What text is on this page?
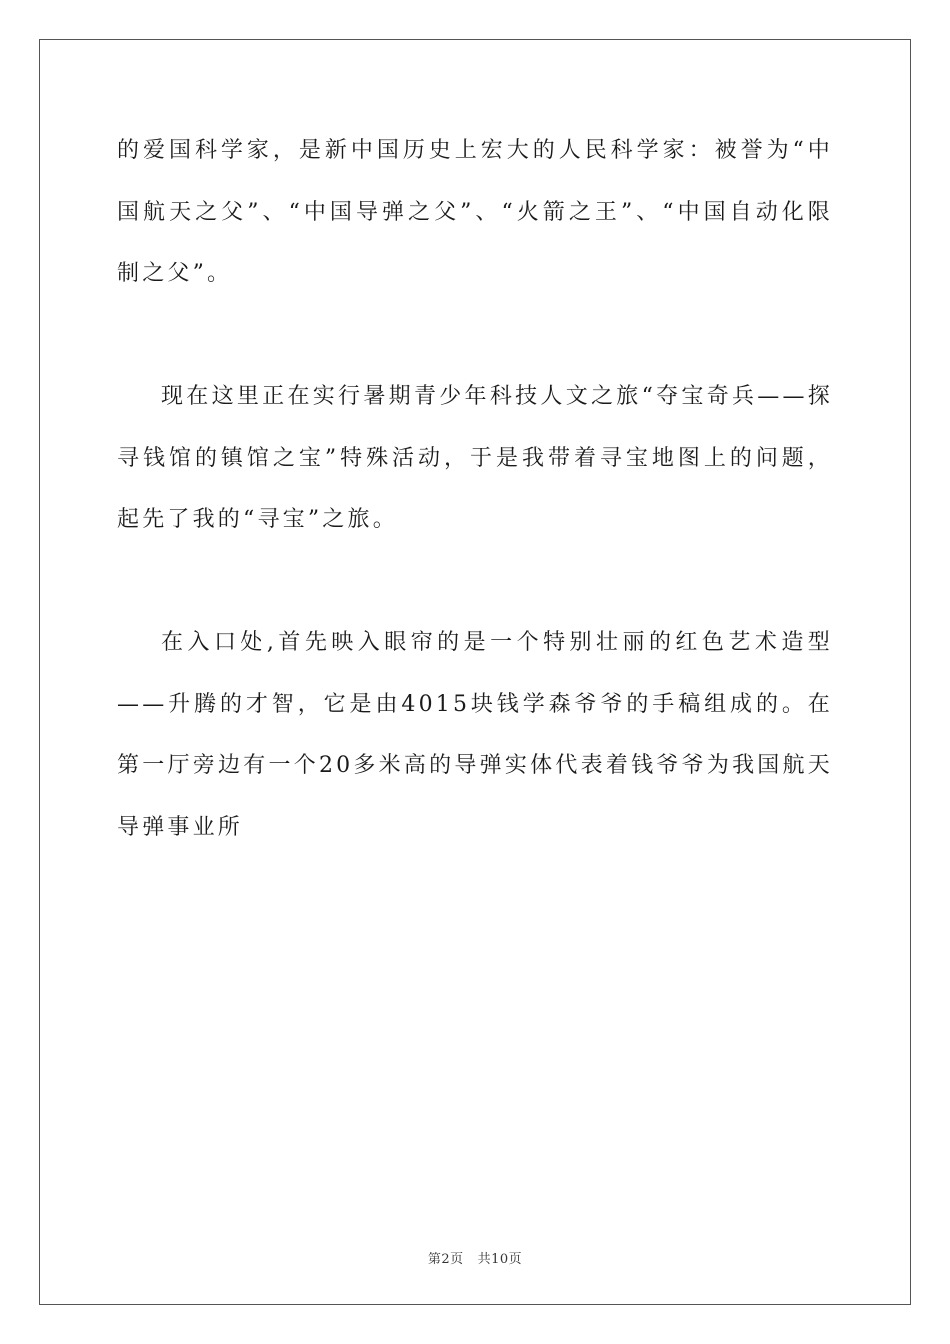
的爱国科学家，是新中国历史上宏大的人民科学家：被誉为“中国航天之父”、“中国导弹之父”、“火箭之王”、“中国自动化限制之父”。

现在这里正在实行暑期青少年科技人文之旅“夺宝奇兵——探寻钱馆的镇馆之宝”特殊活动，于是我带着寻宝地图上的问题，起先了我的“寻宝”之旅。

在入口处,首先映入眼帘的是一个特别壮丽的红色艺术造型——升腾的才智，它是由4015块钱学森爷爷的手稿组成的。在第一厅旁边有一个20多米高的导弹实体代表着钱爷爷为我国航天导弹事业所

第2页 共10页
